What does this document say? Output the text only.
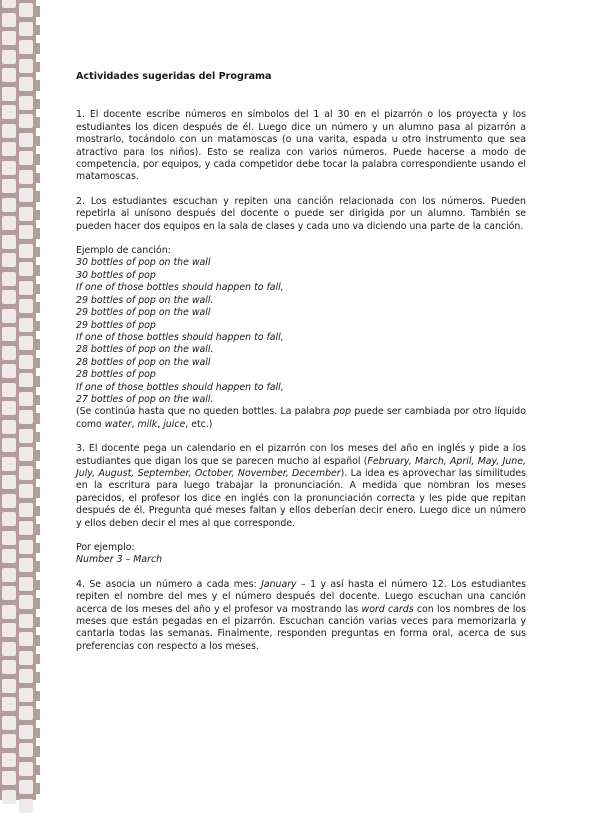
Actividades sugeridas del Programa

1. El docente escribe números en símbolos del 1 al 30 en el pizarrón o los proyecta y los estudiantes los dicen después de él. Luego dice un número y un alumno pasa al pizarrón a mostrarlo, tocándolo con un matamoscas (o una varita, espada u otro instrumento que sea atractivo para los niños). Esto se realiza con varios números. Puede hacerse a modo de competencia, por equipos, y cada competidor debe tocar la palabra correspondiente usando el matamoscas.

2. Los estudiantes escuchan y repiten una canción relacionada con los números. Pueden repetirla al unísono después del docente o puede ser dirigida por un alumno. También se pueden hacer dos equipos en la sala de clases y cada uno va diciendo una parte de la canción.

Ejemplo de canción:

30 bottles of pop on the wall

30 bottles of pop

If one of those bottles should happen to fall,

29 bottles of pop on the wall.

29 bottles of pop on the wall

29 bottles of pop

If one of those bottles should happen to fall,

28 bottles of pop on the wall.

28 bottles of pop on the wall

28 bottles of pop

If one of those bottles should happen to fall,

27 bottles of pop on the wall.

(Se continúa hasta que no queden bottles. La palabra pop puede ser cambiada por otro líquido como water, milk, juice, etc.)

3. El docente pega un calendario en el pizarrón con los meses del año en inglés y pide a los estudiantes que digan los que se parecen mucho al español (February, March, April, May, June, July, August, September, October, November, December). La idea es aprovechar las similitudes en la escritura para luego trabajar la pronunciación. A medida que nombran los meses parecidos, el profesor los dice en inglés con la pronunciación correcta y les pide que repitan después de él. Pregunta qué meses faltan y ellos deberían decir enero. Luego dice un número y ellos deben decir el mes al que corresponde.

Por ejemplo:

Number 3 – March

4. Se asocia un número a cada mes: January – 1 y así hasta el número 12. Los estudiantes repiten el nombre del mes y el número después del docente. Luego escuchan una canción acerca de los meses del año y el profesor va mostrando las word cards con los nombres de los meses que están pegadas en el pizarrón. Escuchan canción varias veces para memorizarla y cantarla todas las semanas. Finalmente, responden preguntas en forma oral, acerca de sus preferencias con respecto a los meses.
